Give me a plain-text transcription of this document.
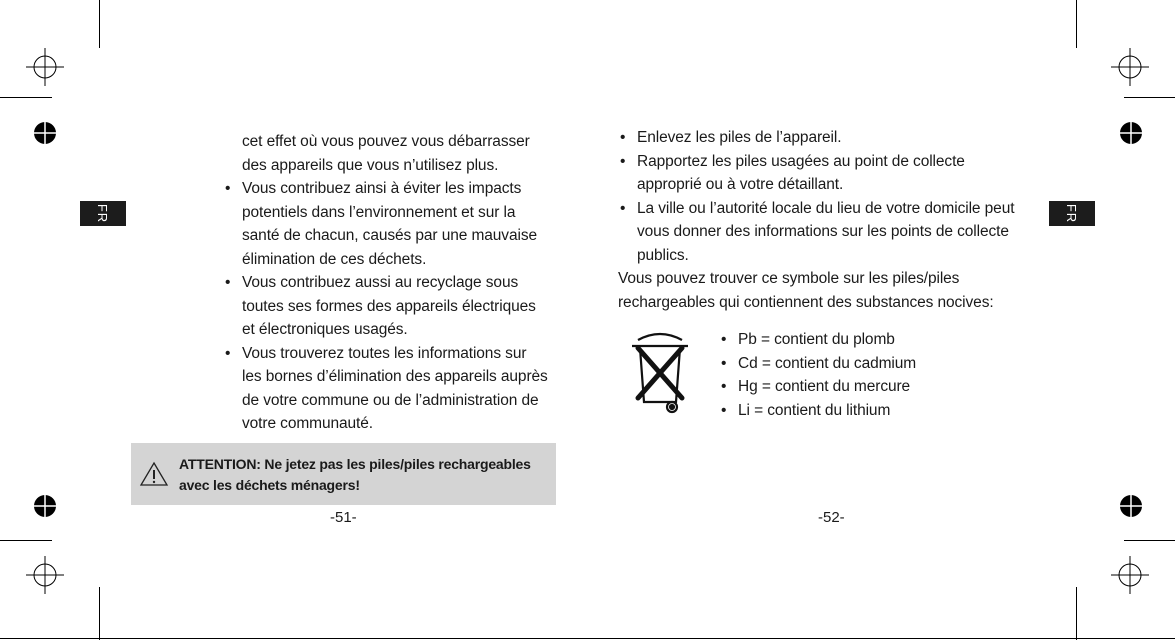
FR	FR
cet effet où vous pouvez vous débarrasser
des appareils que vous n’utilisez plus.
• Vous contribuez ainsi à éviter les impacts
potentiels dans l’environnement et sur la
santé de chacun, causés par une mauvaise
élimination de ces déchets.
• Vous contribuez aussi au recyclage sous
toutes ses formes des appareils électriques
et électroniques usagés.
• Vous trouverez toutes les informations sur
les bornes d’élimination des appareils auprès
de votre commune ou de l’administration de
votre communauté.
ATTENTION: Ne jetez pas les piles/piles rechargeables
avec les déchets ménagers!
-51-
• Enlevez les piles de l’appareil.
• Rapportez les piles usagées au point de collecte
approprié ou à votre détaillant.
• La ville ou l’autorité locale du lieu de votre domicile peut
vous donner des informations sur les points de collecte
publics.
Vous pouvez trouver ce symbole sur les piles/piles
rechargeables qui contiennent des substances nocives:
• Pb = contient du plomb
• Cd = contient du cadmium
• Hg = contient du mercure
• Li = contient du lithium
-52-
